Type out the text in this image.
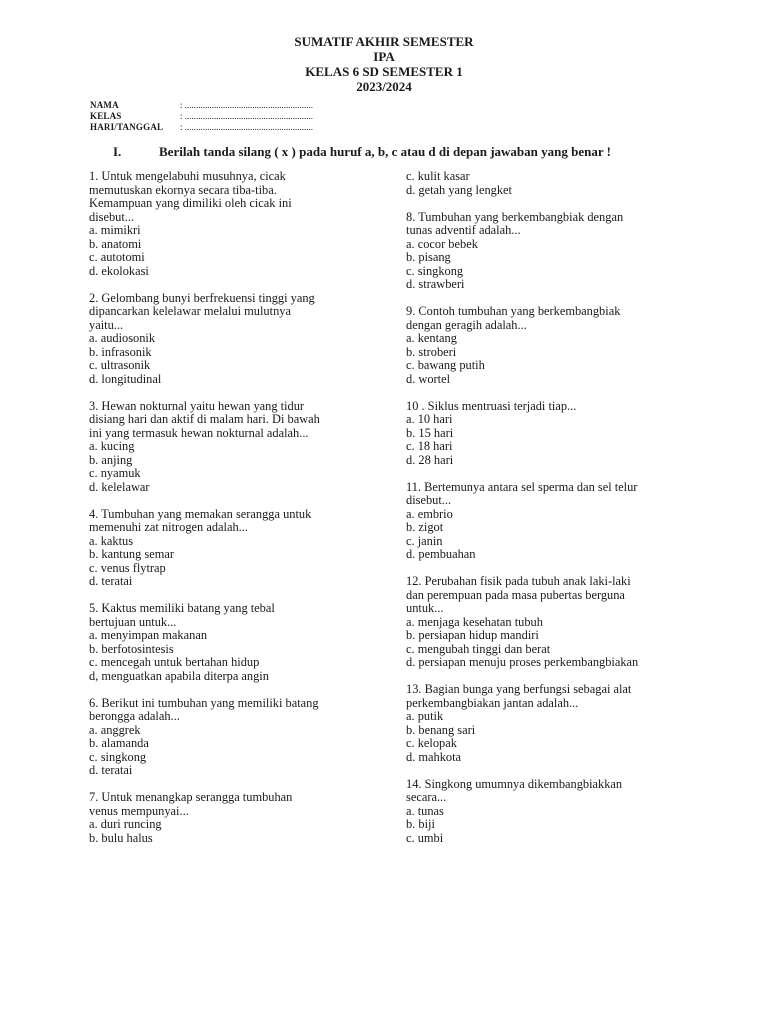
SUMATIF AKHIR SEMESTER
IPA
KELAS 6 SD SEMESTER 1
2023/2024
NAMA	: .........................................................
KELAS	: .........................................................
HARI/TANGGAL	: .........................................................
I.	Berilah tanda silang ( x ) pada huruf a, b, c atau d di depan jawaban yang benar !
1. Untuk mengelabuhi musuhnya, cicak
memutuskan ekornya secara tiba-tiba.
Kemampuan yang dimiliki oleh cicak ini
disebut...
a. mimikri
b. anatomi
c. autotomi
d. ekolokasi
2. Gelombang bunyi berfrekuensi tinggi yang
dipancarkan kelelawar melalui mulutnya
yaitu...
a. audiosonik
b. infrasonik
c. ultrasonik
d. longitudinal
3. Hewan nokturnal yaitu hewan yang tidur
disiang hari dan aktif di malam hari. Di bawah
ini yang termasuk hewan nokturnal adalah...
a. kucing
b. anjing
c. nyamuk
d. kelelawar
4. Tumbuhan yang memakan serangga untuk
memenuhi zat nitrogen adalah...
a. kaktus
b. kantung semar
c. venus flytrap
d. teratai
5. Kaktus memiliki batang yang tebal
bertujuan untuk...
a. menyimpan makanan
b. berfotosintesis
c. mencegah untuk bertahan hidup
d, menguatkan apabila diterpa angin
6. Berikut ini tumbuhan yang memiliki batang
berongga adalah...
a. anggrek
b. alamanda
c. singkong
d. teratai
7. Untuk menangkap serangga tumbuhan
venus mempunyai...
a. duri runcing
b. bulu halus
c. kulit kasar
d. getah yang lengket
8. Tumbuhan yang berkembangbiak dengan
tunas adventif adalah...
a. cocor bebek
b. pisang
c. singkong
d. strawberi
9. Contoh tumbuhan yang berkembangbiak
dengan geragih adalah...
a. kentang
b. stroberi
c. bawang putih
d. wortel
10 . Siklus mentruasi terjadi tiap...
a. 10 hari
b. 15 hari
c. 18 hari
d. 28 hari
11. Bertemunya antara sel sperma dan sel telur
disebut...
a. embrio
b. zigot
c. janin
d. pembuahan
12. Perubahan fisik pada tubuh anak laki-laki
dan perempuan pada masa pubertas berguna
untuk...
a. menjaga kesehatan tubuh
b. persiapan hidup mandiri
c. mengubah tinggi dan berat
d. persiapan menuju proses perkembangbiakan
13. Bagian bunga yang berfungsi sebagai alat
perkembangbiakan jantan adalah...
a. putik
b. benang sari
c. kelopak
d. mahkota
14. Singkong umumnya dikembangbiakkan
secara...
a. tunas
b. biji
c. umbi
